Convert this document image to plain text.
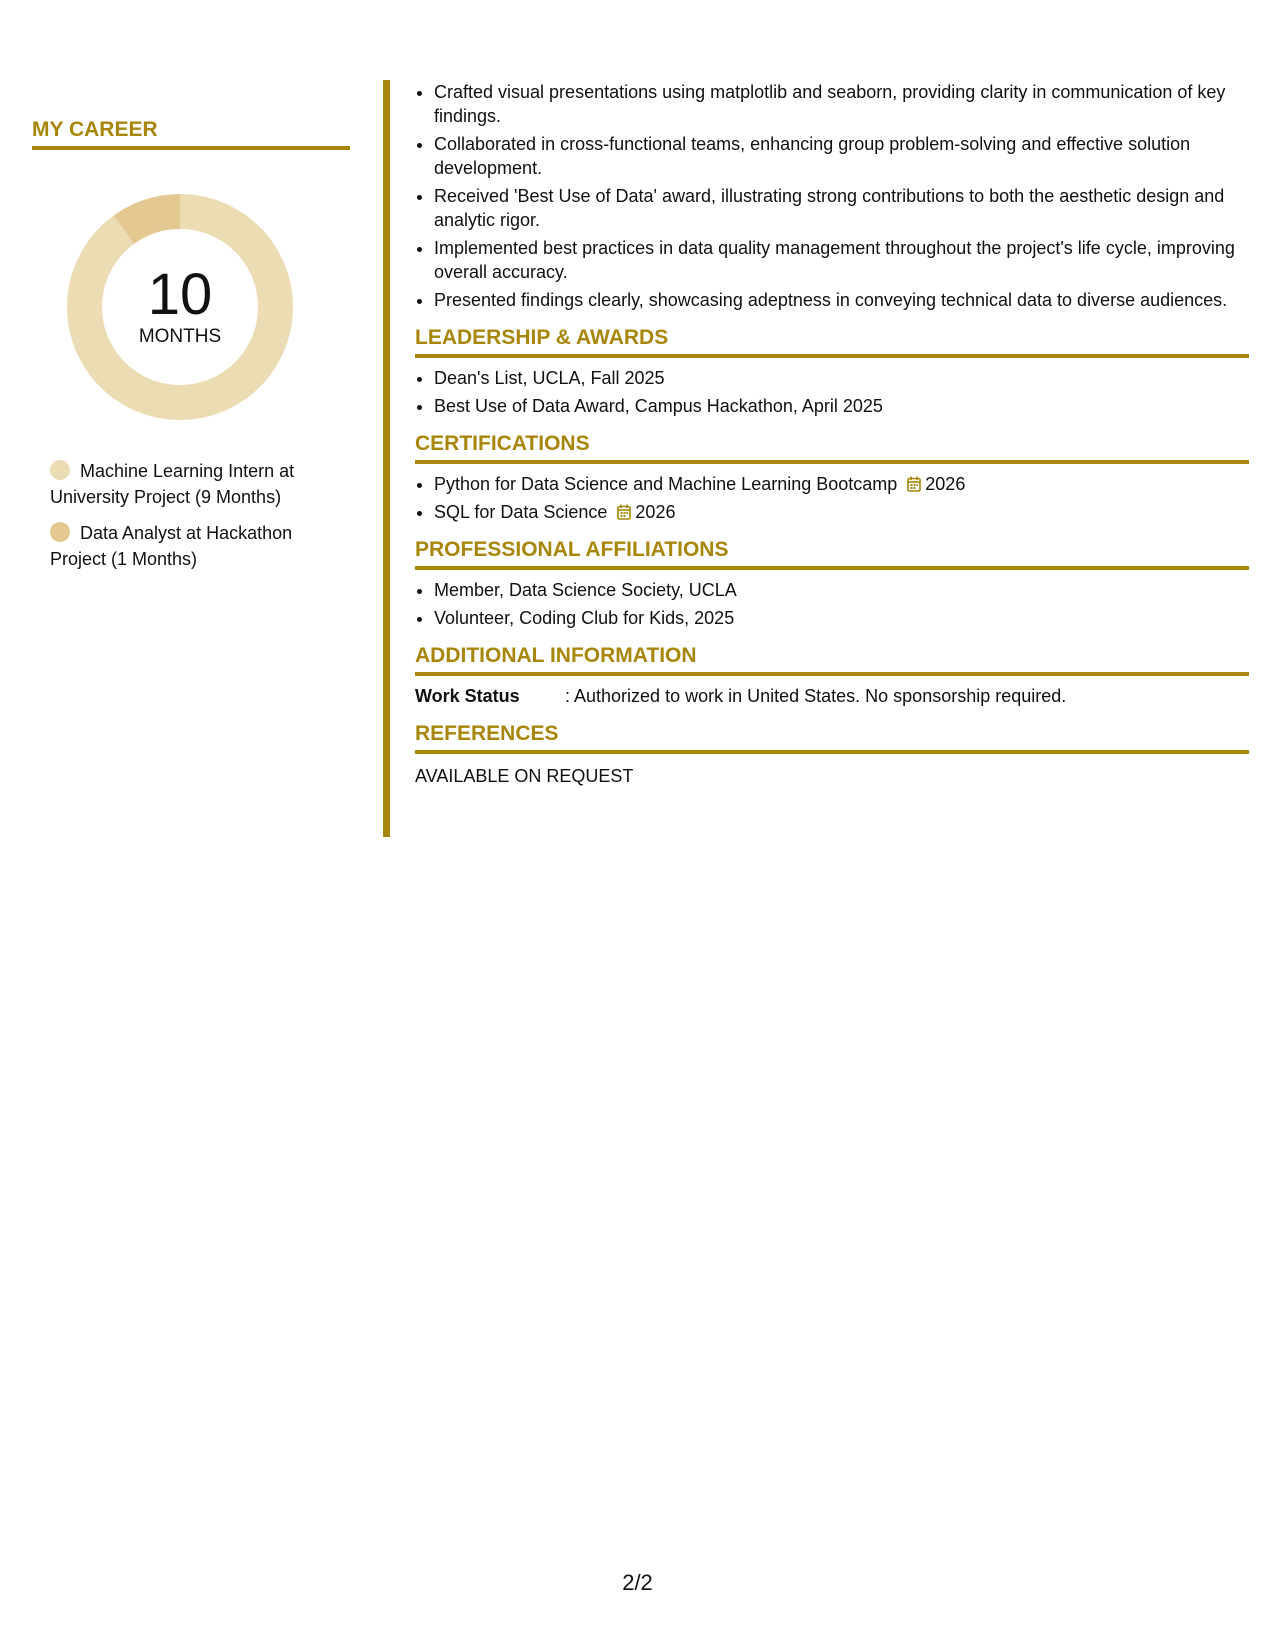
MY CAREER
10
MONTHS
Machine Learning Intern at University Project (9 Months)
Data Analyst at Hackathon Project (1 Months)
• Crafted visual presentations using matplotlib and seaborn, providing clarity in communication of key findings.
• Collaborated in cross-functional teams, enhancing group problem-solving and effective solution development.
• Received 'Best Use of Data' award, illustrating strong contributions to both the aesthetic design and analytic rigor.
• Implemented best practices in data quality management throughout the project's life cycle, improving overall accuracy.
• Presented findings clearly, showcasing adeptness in conveying technical data to diverse audiences.
LEADERSHIP & AWARDS
• Dean's List, UCLA, Fall 2025
• Best Use of Data Award, Campus Hackathon, April 2025
CERTIFICATIONS
• Python for Data Science and Machine Learning Bootcamp 2026
• SQL for Data Science 2026
PROFESSIONAL AFFILIATIONS
• Member, Data Science Society, UCLA
• Volunteer, Coding Club for Kids, 2025
ADDITIONAL INFORMATION
Work Status	: Authorized to work in United States. No sponsorship required.
REFERENCES
AVAILABLE ON REQUEST
2/2
